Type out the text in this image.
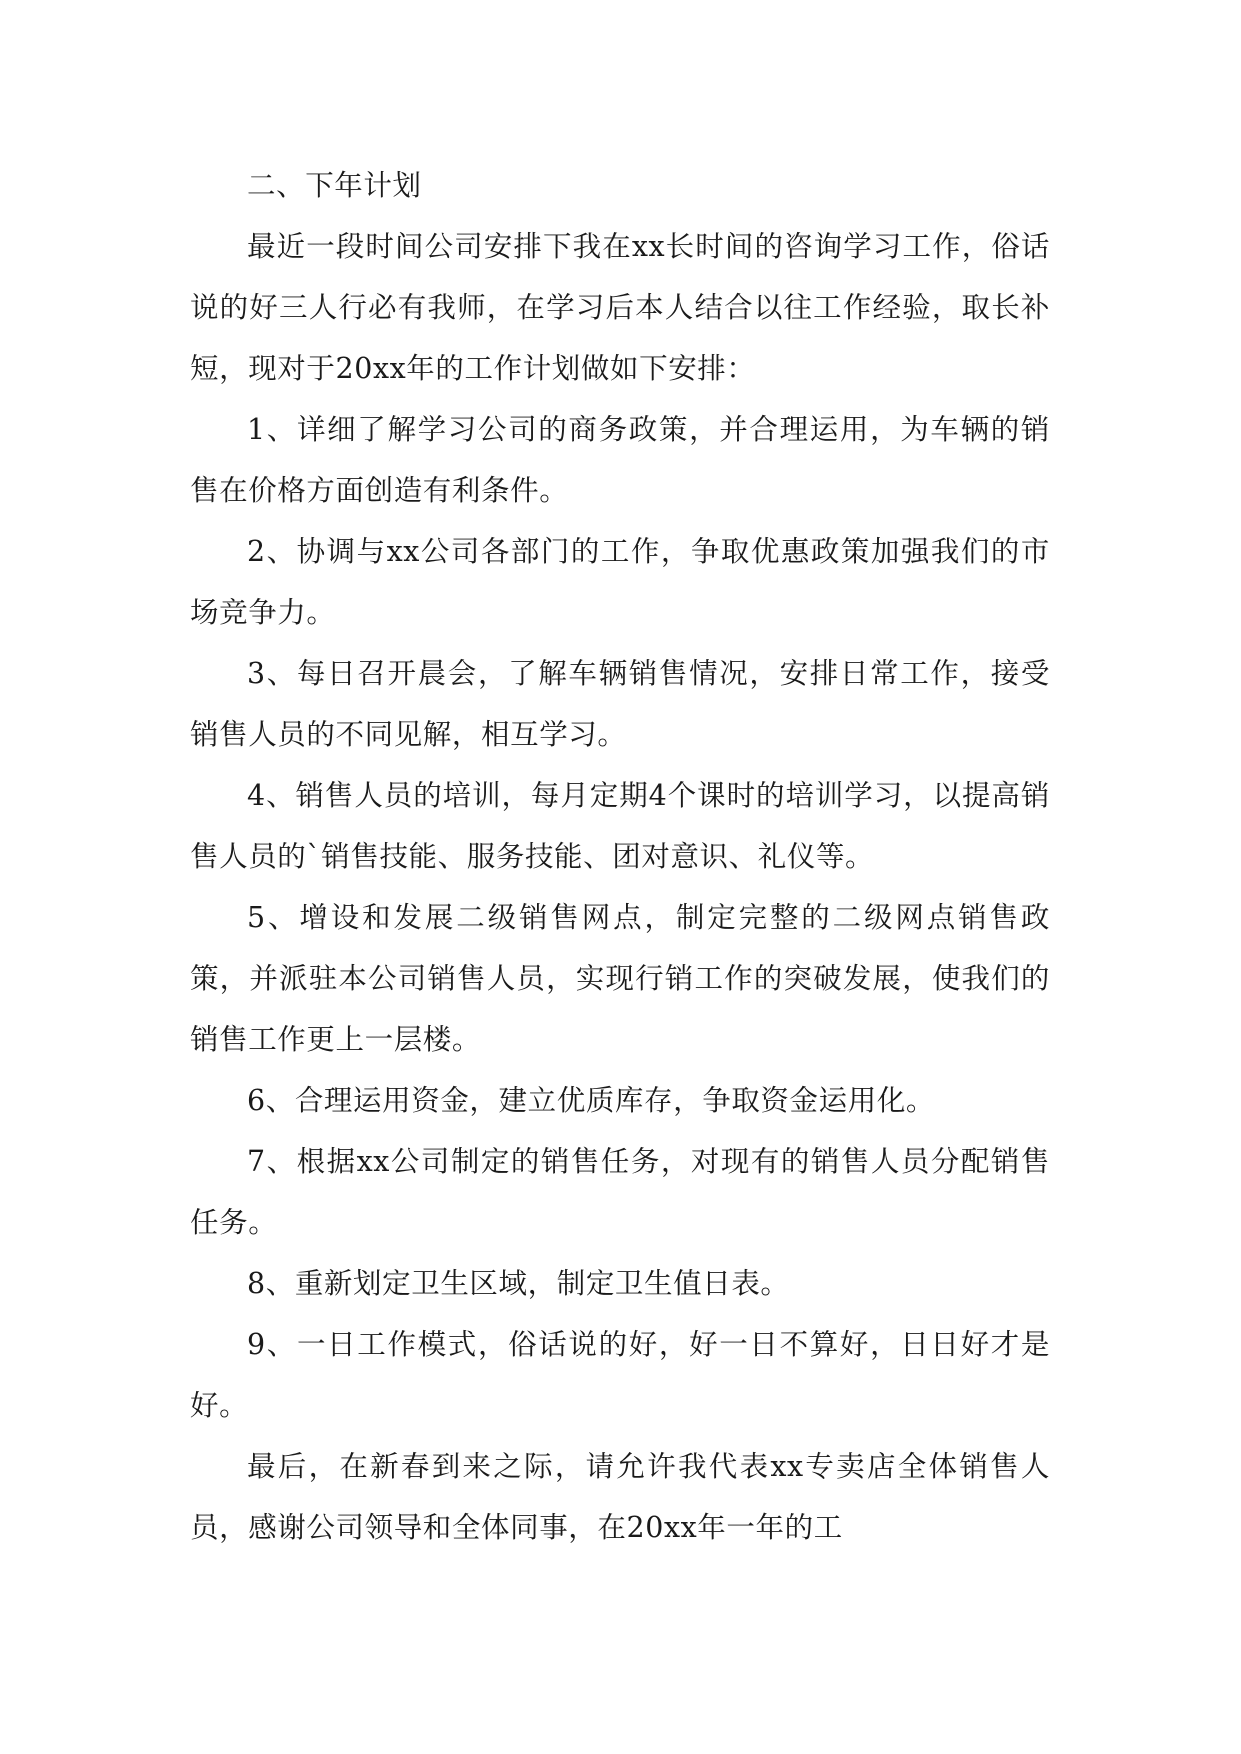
二、下年计划

最近一段时间公司安排下我在xx长时间的咨询学习工作，俗话说的好三人行必有我师，在学习后本人结合以往工作经验，取长补短，现对于20xx年的工作计划做如下安排：

1、详细了解学习公司的商务政策，并合理运用，为车辆的销售在价格方面创造有利条件。

2、协调与xx公司各部门的工作，争取优惠政策加强我们的市场竞争力。

3、每日召开晨会，了解车辆销售情况，安排日常工作，接受销售人员的不同见解，相互学习。

4、销售人员的培训，每月定期4个课时的培训学习，以提高销售人员的`销售技能、服务技能、团对意识、礼仪等。

5、增设和发展二级销售网点，制定完整的二级网点销售政策，并派驻本公司销售人员，实现行销工作的突破发展，使我们的销售工作更上一层楼。

6、合理运用资金，建立优质库存，争取资金运用化。

7、根据xx公司制定的销售任务，对现有的销售人员分配销售任务。

8、重新划定卫生区域，制定卫生值日表。

9、一日工作模式，俗话说的好，好一日不算好，日日好才是好。

最后，在新春到来之际，请允许我代表xx专卖店全体销售人员，感谢公司领导和全体同事，在20xx年一年的工
